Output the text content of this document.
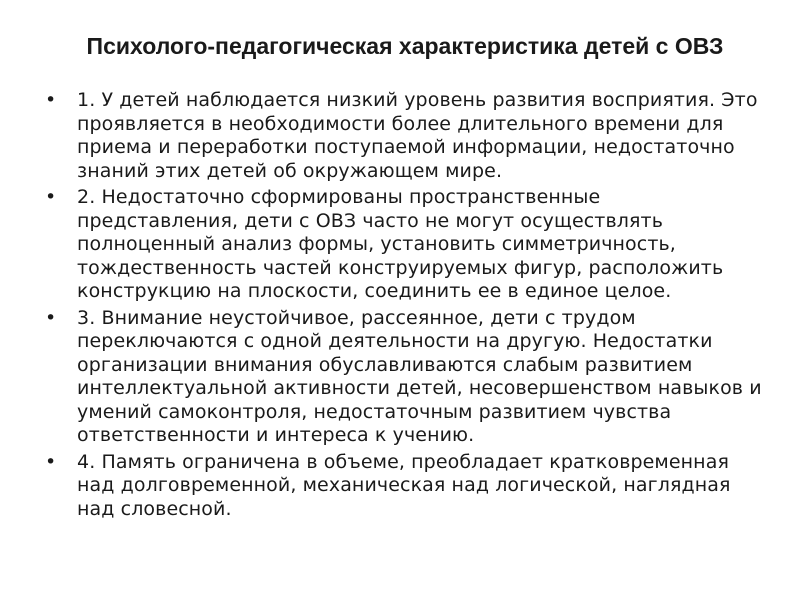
Психолого-педагогическая характеристика детей с ОВЗ
• 1. У детей наблюдается низкий уровень развития восприятия. Это проявляется в необходимости более длительного времени для приема и переработки поступаемой информации, недостаточно знаний этих детей об окружающем мире.
• 2. Недостаточно сформированы пространственные представления, дети с ОВЗ часто не могут осуществлять полноценный анализ формы, установить симметричность, тождественность частей конструируемых фигур, расположить конструкцию на плоскости, соединить ее в единое целое.
• 3. Внимание неустойчивое, рассеянное, дети с трудом переключаются с одной деятельности на другую. Недостатки организации внимания обуславливаются слабым развитием интеллектуальной активности детей, несовершенством навыков и умений самоконтроля, недостаточным развитием чувства ответственности и интереса к учению.
• 4. Память ограничена в объеме, преобладает кратковременная над долговременной, механическая над логической, наглядная над словесной.
